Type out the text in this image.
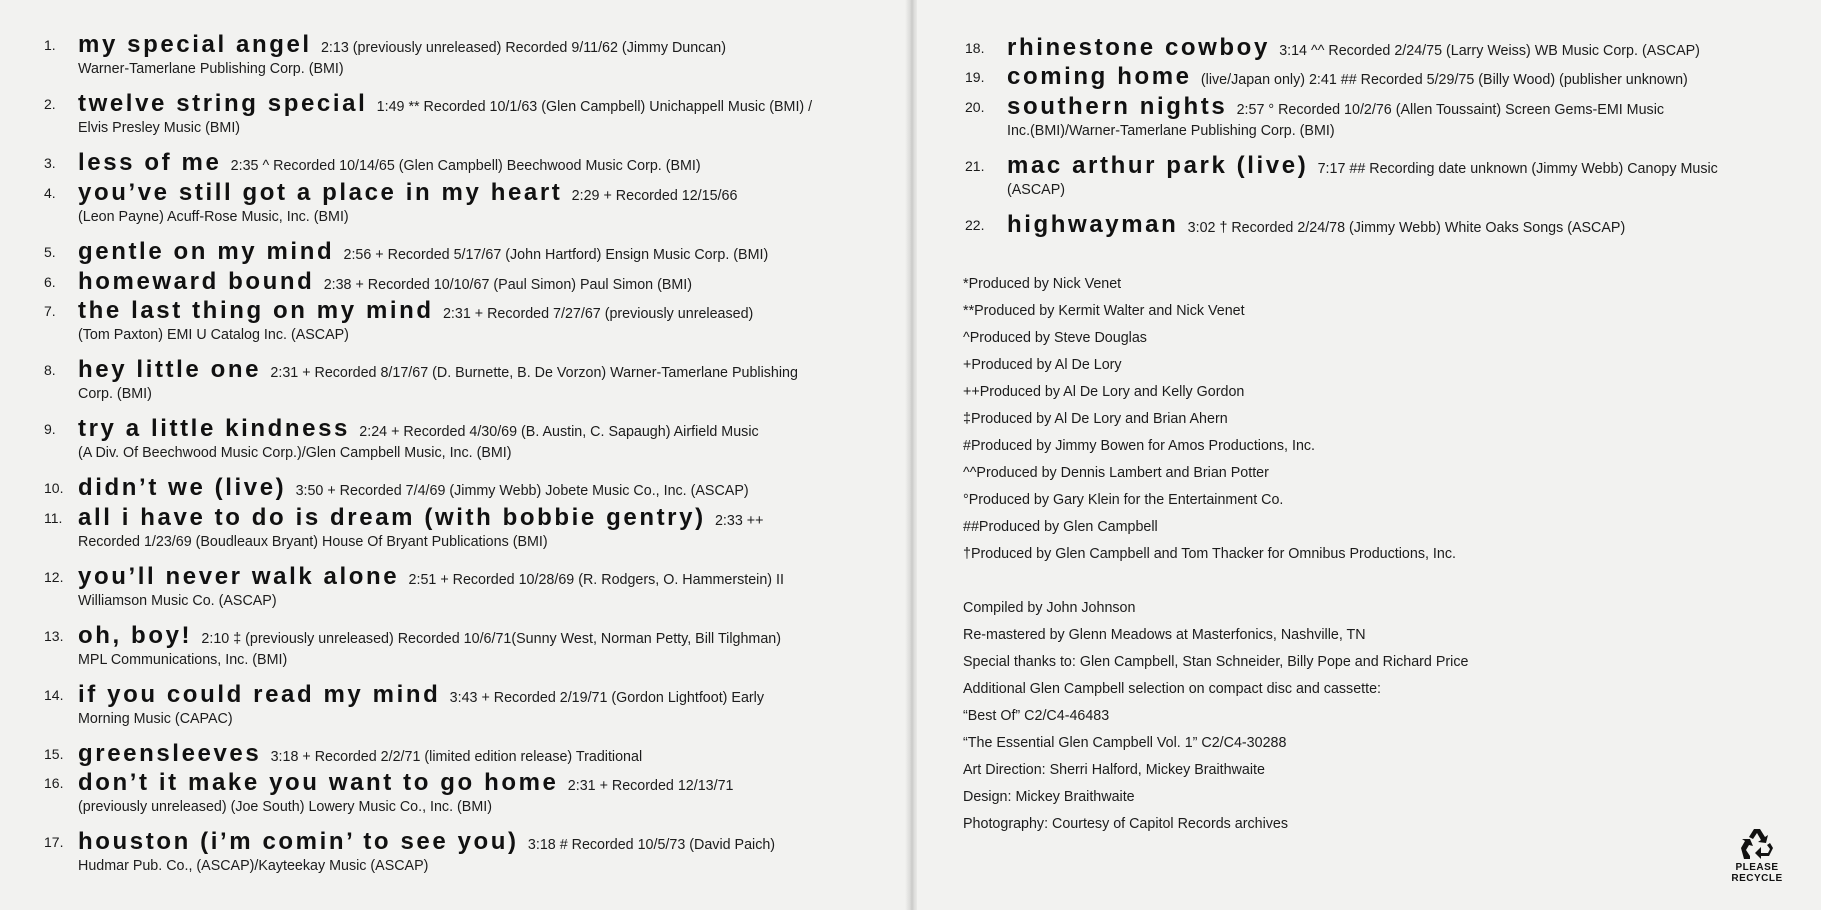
1. my special angel 2:13 (previously unreleased) Recorded 9/11/62 (Jimmy Duncan)
Warner-Tamerlane Publishing Corp. (BMI)
2. twelve string special 1:49 ** Recorded 10/1/63 (Glen Campbell) Unichappell Music (BMI) /
Elvis Presley Music (BMI)
3. less of me 2:35 ^ Recorded 10/14/65 (Glen Campbell) Beechwood Music Corp. (BMI)
4. you’ve still got a place in my heart 2:29 + Recorded 12/15/66
(Leon Payne) Acuff-Rose Music, Inc. (BMI)
5. gentle on my mind 2:56 + Recorded 5/17/67 (John Hartford) Ensign Music Corp. (BMI)
6. homeward bound 2:38 + Recorded 10/10/67 (Paul Simon) Paul Simon (BMI)
7. the last thing on my mind 2:31 + Recorded 7/27/67 (previously unreleased)
(Tom Paxton) EMI U Catalog Inc. (ASCAP)
8. hey little one 2:31 + Recorded 8/17/67 (D. Burnette, B. De Vorzon) Warner-Tamerlane Publishing
Corp. (BMI)
9. try a little kindness 2:24 + Recorded 4/30/69 (B. Austin, C. Sapaugh) Airfield Music
(A Div. Of Beechwood Music Corp.)/Glen Campbell Music, Inc. (BMI)
10. didn’t we (live) 3:50 + Recorded 7/4/69 (Jimmy Webb) Jobete Music Co., Inc. (ASCAP)
11. all i have to do is dream (with bobbie gentry) 2:33 ++
Recorded 1/23/69 (Boudleaux Bryant) House Of Bryant Publications (BMI)
12. you’ll never walk alone 2:51 + Recorded 10/28/69 (R. Rodgers, O. Hammerstein) II
Williamson Music Co. (ASCAP)
13. oh, boy! 2:10 ‡ (previously unreleased) Recorded 10/6/71(Sunny West, Norman Petty, Bill Tilghman)
MPL Communications, Inc. (BMI)
14. if you could read my mind 3:43 + Recorded 2/19/71 (Gordon Lightfoot) Early
Morning Music (CAPAC)
15. greensleeves 3:18 + Recorded 2/2/71 (limited edition release) Traditional
16. don’t it make you want to go home 2:31 + Recorded 12/13/71
(previously unreleased) (Joe South) Lowery Music Co., Inc. (BMI)
17. houston (i’m comin’ to see you) 3:18 # Recorded 10/5/73 (David Paich)
Hudmar Pub. Co., (ASCAP)/Kayteekay Music (ASCAP)
18. rhinestone cowboy 3:14 ^^ Recorded 2/24/75 (Larry Weiss) WB Music Corp. (ASCAP)
19. coming home (live/Japan only) 2:41 ## Recorded 5/29/75 (Billy Wood) (publisher unknown)
20. southern nights 2:57 ° Recorded 10/2/76 (Allen Toussaint) Screen Gems-EMI Music
Inc.(BMI)/Warner-Tamerlane Publishing Corp. (BMI)
21. mac arthur park (live) 7:17 ## Recording date unknown (Jimmy Webb) Canopy Music
(ASCAP)
22. highwayman 3:02 † Recorded 2/24/78 (Jimmy Webb) White Oaks Songs (ASCAP)
*Produced by Nick Venet
**Produced by Kermit Walter and Nick Venet
^Produced by Steve Douglas
+Produced by Al De Lory
++Produced by Al De Lory and Kelly Gordon
‡Produced by Al De Lory and Brian Ahern
#Produced by Jimmy Bowen for Amos Productions, Inc.
^^Produced by Dennis Lambert and Brian Potter
°Produced by Gary Klein for the Entertainment Co.
##Produced by Glen Campbell
†Produced by Glen Campbell and Tom Thacker for Omnibus Productions, Inc.
Compiled by John Johnson
Re-mastered by Glenn Meadows at Masterfonics, Nashville, TN
Special thanks to: Glen Campbell, Stan Schneider, Billy Pope and Richard Price
Additional Glen Campbell selection on compact disc and cassette:
“Best Of” C2/C4-46483
“The Essential Glen Campbell Vol. 1” C2/C4-30288
Art Direction: Sherri Halford, Mickey Braithwaite
Design: Mickey Braithwaite
Photography: Courtesy of Capitol Records archives
PLEASE
RECYCLE
